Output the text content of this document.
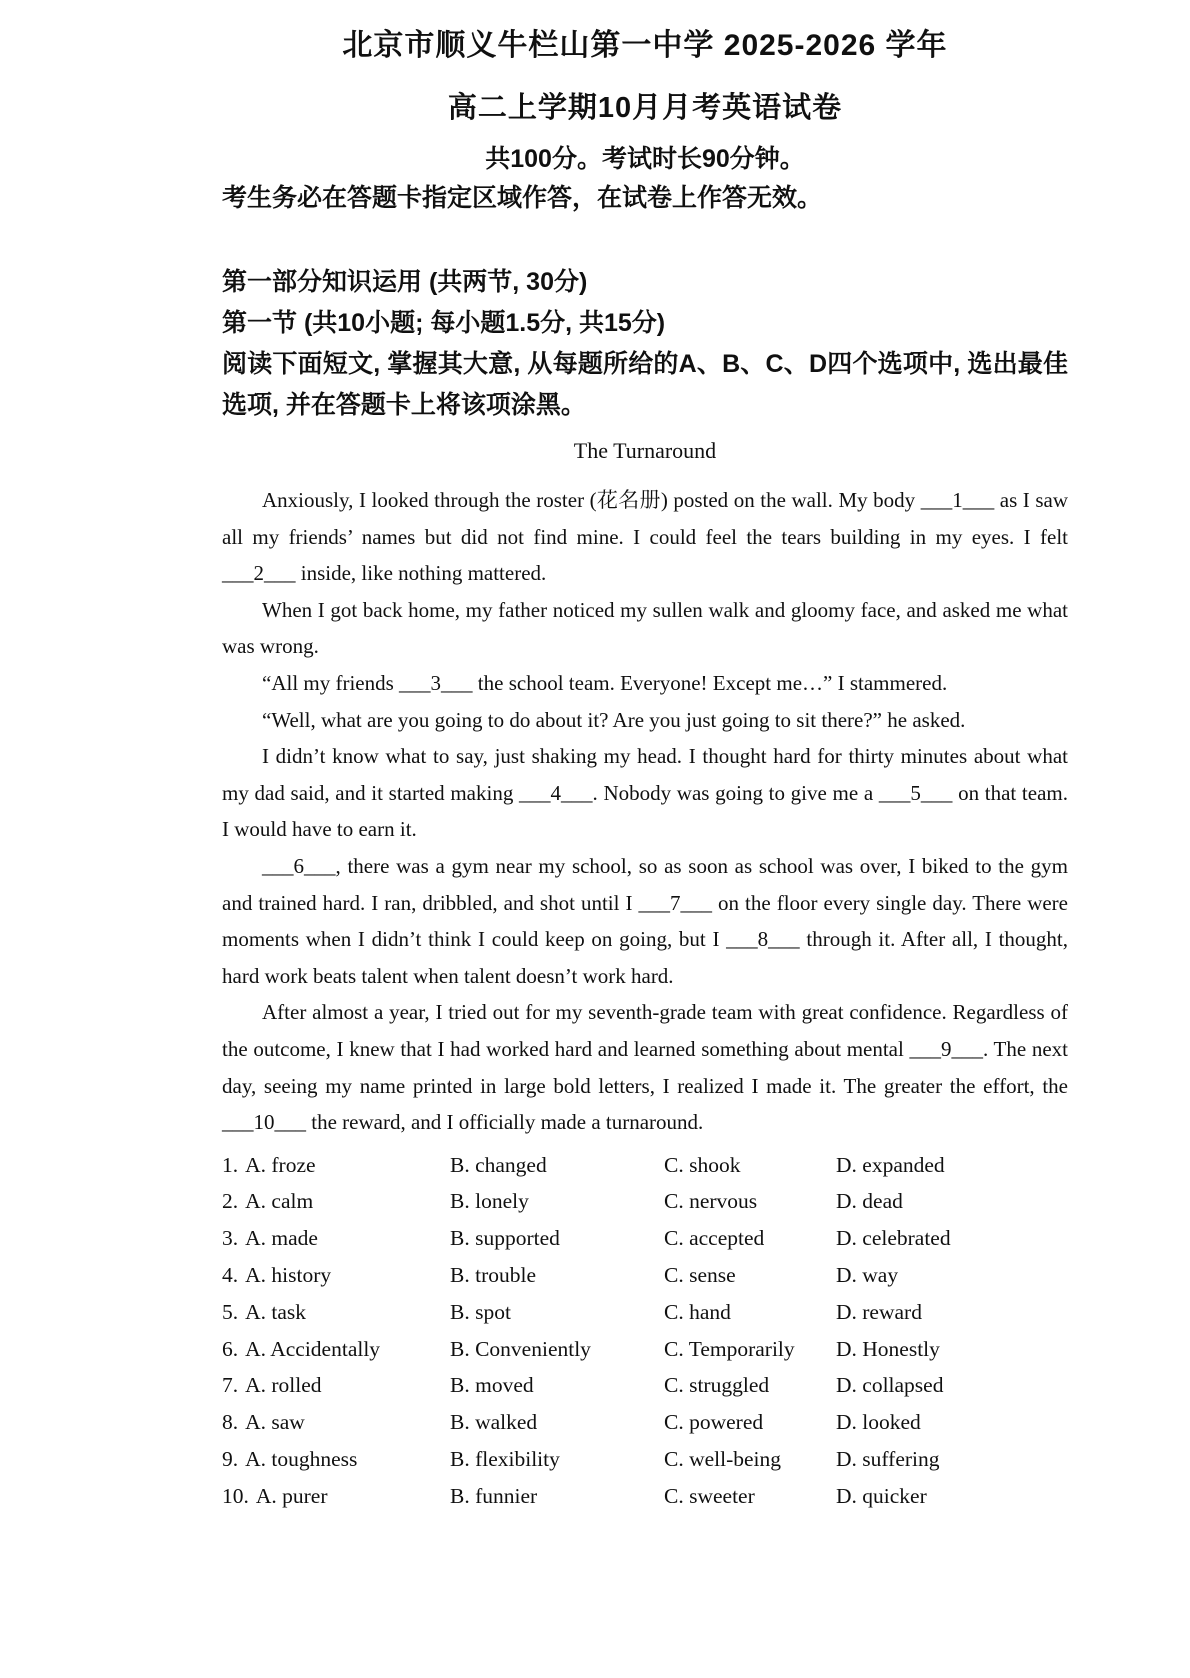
北京市顺义牛栏山第一中学 2025-2026 学年
高二上学期10月月考英语试卷
共100分。考试时长90分钟。
考生务必在答题卡指定区域作答，在试卷上作答无效。
第一部分知识运用 (共两节, 30分)
第一节 (共10小题; 每小题1.5分, 共15分)
阅读下面短文, 掌握其大意, 从每题所给的A、B、C、D四个选项中, 选出最佳选项, 并在答题卡上将该项涂黑。
The Turnaround

Anxiously, I looked through the roster (花名册) posted on the wall. My body ___1___ as I saw all my friends’ names but did not find mine. I could feel the tears building in my eyes. I felt ___2___ inside, like nothing mattered.

When I got back home, my father noticed my sullen walk and gloomy face, and asked me what was wrong.

“All my friends ___3___ the school team. Everyone! Except me…” I stammered.

“Well, what are you going to do about it? Are you just going to sit there?” he asked.

I didn’t know what to say, just shaking my head. I thought hard for thirty minutes about what my dad said, and it started making ___4___. Nobody was going to give me a ___5___ on that team. I would have to earn it.

___6___, there was a gym near my school, so as soon as school was over, I biked to the gym and trained hard. I ran, dribbled, and shot until I ___7___ on the floor every single day. There were moments when I didn’t think I could keep on going, but I ___8___ through it. After all, I thought, hard work beats talent when talent doesn’t work hard.

After almost a year, I tried out for my seventh-grade team with great confidence. Regardless of the outcome, I knew that I had worked hard and learned something about mental ___9___. The next day, seeing my name printed in large bold letters, I realized I made it. The greater the effort, the ___10___ the reward, and I officially made a turnaround.

1. A. froze	B. changed	C. shook	D. expanded
2. A. calm	B. lonely	C. nervous	D. dead
3. A. made	B. supported	C. accepted	D. celebrated
4. A. history	B. trouble	C. sense	D. way
5. A. task	B. spot	C. hand	D. reward
6. A. Accidentally	B. Conveniently	C. Temporarily	D. Honestly
7. A. rolled	B. moved	C. struggled	D. collapsed
8. A. saw	B. walked	C. powered	D. looked
9. A. toughness	B. flexibility	C. well-being	D. suffering
10. A. purer	B. funnier	C. sweeter	D. quicker
